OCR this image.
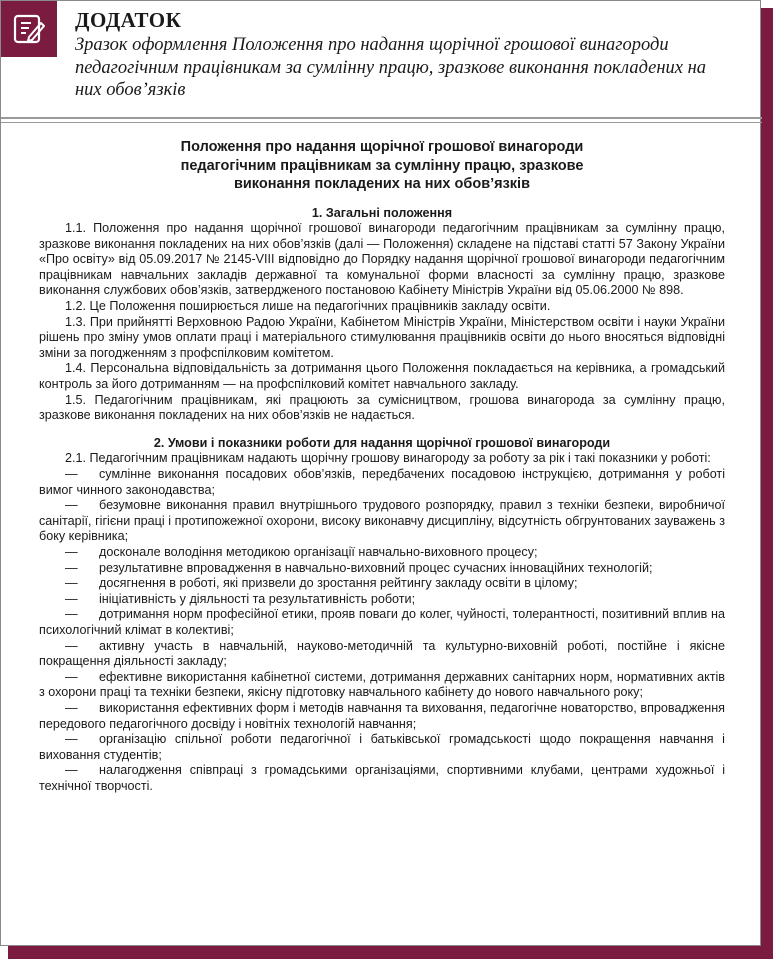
ДОДАТОК
Зразок оформлення Положення про надання щорічної грошової винагороди педагогічним працівникам за сумлінну працю, зразкове виконання покладених на них обов’язків
Положення про надання щорічної грошової винагороди педагогічним працівникам за сумлінну працю, зразкове виконання покладених на них обов’язків
1. Загальні положення

1.1. Положення про надання щорічної грошової винагороди педагогічним працівникам за сумлінну працю, зразкове виконання покладених на них обов’язків (далі — Положення) складене на підставі статті 57 Закону України «Про освіту» від 05.09.2017 № 2145-VIII відповідно до Порядку надання щорічної грошової винагороди педагогічним працівникам навчальних закладів державної та комунальної форми власності за сумлінну працю, зразкове виконання службових обов’язків, затвердженого постановою Кабінету Міністрів України від 05.06.2000 № 898.

1.2. Це Положення поширюється лише на педагогічних працівників закладу освіти.

1.3. При прийнятті Верховною Радою України, Кабінетом Міністрів України, Міністерством освіти і науки України рішень про зміну умов оплати праці і матеріального стимулювання працівників освіти до нього вносяться відповідні зміни за погодженням з профспілковим комітетом.

1.4. Персональна відповідальність за дотримання цього Положення покладається на керівника, а громадський контроль за його дотриманням — на профспілковий комітет навчального закладу.

1.5. Педагогічним працівникам, які працюють за сумісництвом, грошова винагорода за сумлінну працю, зразкове виконання покладених на них обов’язків не надається.

2. Умови і показники роботи для надання щорічної грошової винагороди

2.1. Педагогічним працівникам надають щорічну грошову винагороду за роботу за рік і такі показники у роботі:

— сумлінне виконання посадових обов’язків, передбачених посадовою інструкцією, дотримання у роботі вимог чинного законодавства;

— безумовне виконання правил внутрішнього трудового розпорядку, правил з техніки безпеки, виробничої санітарії, гігієни праці і протипожежної охорони, високу виконавчу дисципліну, відсутність обгрунтованих зауважень з боку керівника;

— досконале володіння методикою організації навчально-виховного процесу;

— результативне впровадження в навчально-виховний процес сучасних інноваційних технологій;

— досягнення в роботі, які призвели до зростання рейтингу закладу освіти в цілому;

— ініціативність у діяльності та результативність роботи;

— дотримання норм професійної етики, прояв поваги до колег, чуйності, толерантності, позитивний вплив на психологічний клімат в колективі;

— активну участь в навчальній, науково-методичній та культурно-виховній роботі, постійне і якісне покращення діяльності закладу;

— ефективне використання кабінетної системи, дотримання державних санітарних норм, нормативних актів з охорони праці та техніки безпеки, якісну підготовку навчального кабінету до нового навчального року;

— використання ефективних форм і методів навчання та виховання, педагогічне новаторство, впровадження передового педагогічного досвіду і новітніх технологій навчання;

— організацію спільної роботи педагогічної і батьківської громадськості щодо покращення навчання і виховання студентів;

— налагодження співпраці з громадськими організаціями, спортивними клубами, центрами художньої і технічної творчості.
